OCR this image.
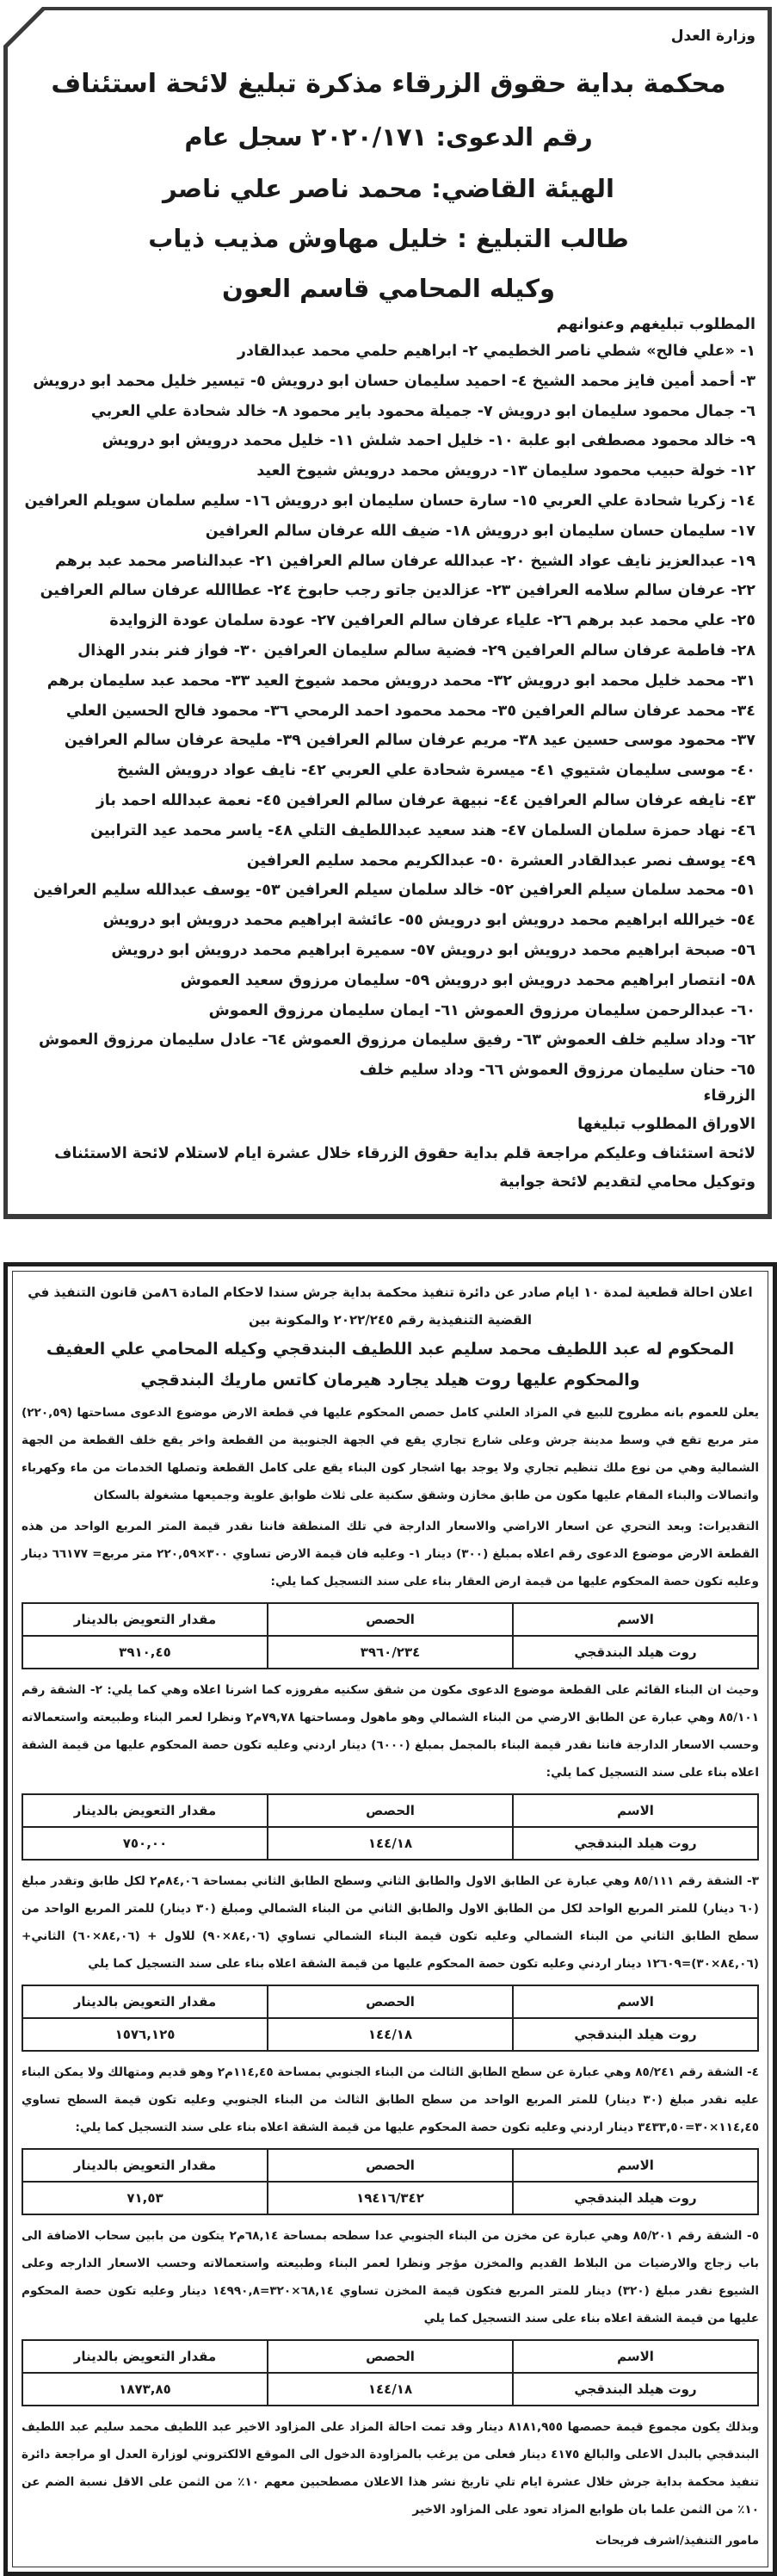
وزارة العدل
محكمة بداية حقوق الزرقاء مذكرة تبليغ لائحة استئناف
رقم الدعوى: ٢٠٢٠/١٧١ سجل عام
الهيئة القاضي: محمد ناصر علي ناصر
طالب التبليغ : خليل مهاوش مذيب ذياب
وكيله المحامي قاسم العون
المطلوب تبليغهم وعنوانهم
١- «علي فالح» شطي ناصر الخطيمي ٢- ابراهيم حلمي محمد عبدالقادر
٣- أحمد أمين فايز محمد الشيخ ٤- احميد سليمان حسان ابو درويش ٥- تيسير خليل محمد ابو درويش
٦- جمال محمود سليمان ابو درويش ٧- جميلة محمود باير محمود ٨- خالد شحادة علي العربي
٩- خالد محمود مصطفى ابو علبة ١٠- خليل احمد شلش ١١- خليل محمد درويش ابو درويش
١٢- خولة حبيب محمود سليمان ١٣- درويش محمد درويش شيوخ العيد
١٤- زكريا شحادة علي العربي ١٥- سارة حسان سليمان ابو درويش ١٦- سليم سلمان سويلم العرافين
١٧- سليمان حسان سليمان ابو درويش ١٨- ضيف الله عرفان سالم العرافين
١٩- عبدالعزيز نايف عواد الشيخ ٢٠- عبدالله عرفان سالم العرافين ٢١- عبدالناصر محمد عبد برهم
٢٢- عرفان سالم سلامه العرافين ٢٣- عزالدين جاتو رجب حابوخ ٢٤- عطاالله عرفان سالم العرافين
٢٥- علي محمد عبد برهم ٢٦- علياء عرفان سالم العرافين ٢٧- عودة سلمان عودة الزوايدة
٢٨- فاطمة عرفان سالم العرافين ٢٩- فضية سالم سليمان العرافين ٣٠- فواز فنر بندر الهذال
٣١- محمد خليل محمد ابو درويش ٣٢- محمد درويش محمد شيوخ العيد ٣٣- محمد عبد سليمان برهم
٣٤- محمد عرفان سالم العرافين ٣٥- محمد محمود احمد الرمحي ٣٦- محمود فالح الحسين العلي
٣٧- محمود موسى حسين عيد ٣٨- مريم عرفان سالم العرافين ٣٩- مليحة عرفان سالم العرافين
٤٠- موسى سليمان شتيوي ٤١- ميسرة شحادة علي العربي ٤٢- نايف عواد درويش الشيخ
٤٣- نايفه عرفان سالم العرافين ٤٤- نبيهة عرفان سالم العرافين ٤٥- نعمة عبدالله احمد باز
٤٦- نهاد حمزة سلمان السلمان ٤٧- هند سعيد عبداللطيف التلي ٤٨- ياسر محمد عيد الترابين
٤٩- يوسف نصر عبدالقادر العشرة ٥٠- عبدالكريم محمد سليم العرافين
٥١- محمد سلمان سيلم العرافين ٥٢- خالد سلمان سيلم العرافين ٥٣- يوسف عبدالله سليم العرافين
٥٤- خيرالله ابراهيم محمد درويش ابو درويش ٥٥- عائشة ابراهيم محمد درويش ابو درويش
٥٦- صبحة ابراهيم محمد درويش ابو درويش ٥٧- سميرة ابراهيم محمد درويش ابو درويش
٥٨- انتصار ابراهيم محمد درويش ابو درويش ٥٩- سليمان مرزوق سعيد العموش
٦٠- عبدالرحمن سليمان مرزوق العموش ٦١- ايمان سليمان مرزوق العموش
٦٢- وداد سليم خلف العموش ٦٣- رفيق سليمان مرزوق العموش ٦٤- عادل سليمان مرزوق العموش
٦٥- حنان سليمان مرزوق العموش ٦٦- وداد سليم خلف
الزرقاء
الاوراق المطلوب تبليغها
لائحة استئناف وعليكم مراجعة قلم بداية حقوق الزرقاء خلال عشرة ايام لاستلام لائحة الاستئناف
وتوكيل محامي لتقديم لائحة جوابية
اعلان احالة قطعية لمدة ١٠ ايام صادر عن دائرة تنفيذ محكمة بداية جرش سندا لاحكام المادة ٨٦من قانون التنفيذ في
القضية التنفيذية رقم ٢٠٢٢/٢٤٥ والمكونة بين
المحكوم له عبد اللطيف محمد سليم عبد اللطيف البندقجي وكيله المحامي علي العفيف
والمحكوم عليها روت هيلد يجارد هيرمان كاتس ماريك البندقجي
يعلن للعموم بانه مطروح للبيع في المزاد العلني كامل حصص المحكوم عليها في قطعة الارض موضوع الدعوى مساحتها (٢٢٠,٥٩) متر مربع تقع في وسط مدينة جرش وعلى شارع تجاري يقع في الجهة الجنوبية من القطعة واخر يقع خلف القطعة من الجهة الشمالية وهي من نوع ملك تنظيم تجاري ولا يوجد بها اشجار كون البناء يقع على كامل القطعة وتصلها الخدمات من ماء وكهرباء واتصالات والبناء المقام عليها مكون من طابق مخازن وشقق سكنية على ثلاث طوابق علوية وجميعها مشغولة بالسكان
التقديرات: وبعد التحري عن اسعار الاراضي والاسعار الدارجة في تلك المنطقة فاننا نقدر قيمة المتر المربع الواحد من هذه القطعة الارض موضوع الدعوى رقم اعلاه بمبلغ (٣٠٠) دينار ١- وعليه فان قيمة الارض تساوي ٣٠٠×٢٢٠,٥٩ متر مربع= ٦٦١٧٧ دينار وعليه تكون حصة المحكوم عليها من قيمة ارض العقار بناء على سند التسجيل كما يلي:
الاسم	الحصص	مقدار التعويض بالدينار
روت هيلد البندقجي	٣٩٦٠/٢٣٤	٣٩١٠,٤٥
وحيث ان البناء القائم على القطعة موضوع الدعوى مكون من شقق سكنيه مفروزه كما اشرنا اعلاه وهي كما يلي: ٢- الشقة رقم ٨٥/١٠١ وهي عبارة عن الطابق الارضي من البناء الشمالي وهو ماهول ومساحتها ٧٩,٧٨م٢ ونظرا لعمر البناء وطبيعته واستعمالاته وحسب الاسعار الدارجة فاننا نقدر قيمة البناء بالمجمل بمبلغ (٦٠٠٠) دينار اردني وعليه تكون حصة المحكوم عليها من قيمة الشقة اعلاه بناء على سند التسجيل كما يلي:
الاسم	الحصص	مقدار التعويض بالدينار
روت هيلد البندقجي	١٤٤/١٨	٧٥٠,٠٠
٣- الشقة رقم ٨٥/١١١ وهي عبارة عن الطابق الاول والطابق الثاني وسطح الطابق الثاني بمساحة ٨٤,٠٦م٢ لكل طابق وتقدر مبلغ (٦٠ دينار) للمتر المربع الواحد لكل من الطابق الاول والطابق الثاني من البناء الشمالي ومبلغ (٣٠ دينار) للمتر المربع الواحد من سطح الطابق الثاني من البناء الشمالي وعليه تكون قيمة البناء الشمالي تساوي (٨٤,٠٦×٩٠) للاول + (٨٤,٠٦×٦٠) الثاني+ (٨٤,٠٦×٣٠)=١٢٦٠٩ دينار اردني وعليه تكون حصة المحكوم عليها من قيمة الشقة اعلاه بناء على سند التسجيل كما يلي
الاسم	الحصص	مقدار التعويض بالدينار
روت هيلد البندقجي	١٤٤/١٨	١٥٧٦,١٢٥
٤- الشقة رقم ٨٥/٢٤١ وهي عبارة عن سطح الطابق الثالث من البناء الجنوبي بمساحة ١١٤,٤٥م٢ وهو قديم ومتهالك ولا يمكن البناء عليه نقدر مبلغ (٣٠ دينار) للمتر المربع الواحد من سطح الطابق الثالث من البناء الجنوبي وعليه تكون قيمة السطح تساوي ١١٤,٤٥×٣٠=٣٤٣٣,٥٠ دينار اردني وعليه تكون حصة المحكوم عليها من قيمة الشقة اعلاه بناء على سند التسجيل كما يلي:
الاسم	الحصص	مقدار التعويض بالدينار
روت هيلد البندقجي	١٩٤١٦/٣٤٢	٧١,٥٣
٥- الشقة رقم ٨٥/٢٠١ وهي عبارة عن مخزن من البناء الجنوبي عدا سطحه بمساحة ٦٨,١٤م٢ يتكون من بابين سحاب الاضافة الى باب زجاج والارضيات من البلاط القديم والمخزن مؤجر ونظرا لعمر البناء وطبيعته واستعمالاته وحسب الاسعار الدارجه وعلى الشيوع نقدر مبلغ (٣٢٠) دينار للمتر المربع فتكون قيمة المخزن تساوي ٦٨,١٤×٣٢٠=١٤٩٩٠,٨ دينار وعليه تكون حصة المحكوم عليها من قيمة الشقة اعلاه بناء على سند التسجيل كما يلي
الاسم	الحصص	مقدار التعويض بالدينار
روت هيلد البندقجي	١٤٤/١٨	١٨٧٣,٨٥
وبذلك يكون مجموع قيمة حصصها ٨١٨١,٩٥٥ دينار وقد تمت احالة المزاد على المزاود الاخير عبد اللطيف محمد سليم عبد اللطيف البندقجي بالبدل الاعلى والبالغ ٤١٧٥ دينار فعلى من يرغب بالمزاودة الدخول الى الموقع الالكتروني لوزارة العدل او مراجعة دائرة تنفيذ محكمة بداية جرش خلال عشرة ايام تلي تاريخ نشر هذا الاعلان مصطحبين معهم ١٠٪ من الثمن على الاقل نسبة الضم عن ١٠٪ من الثمن علما بان طوابع المزاد تعود على المزاود الاخير
مامور التنفيذ/اشرف فريحات
